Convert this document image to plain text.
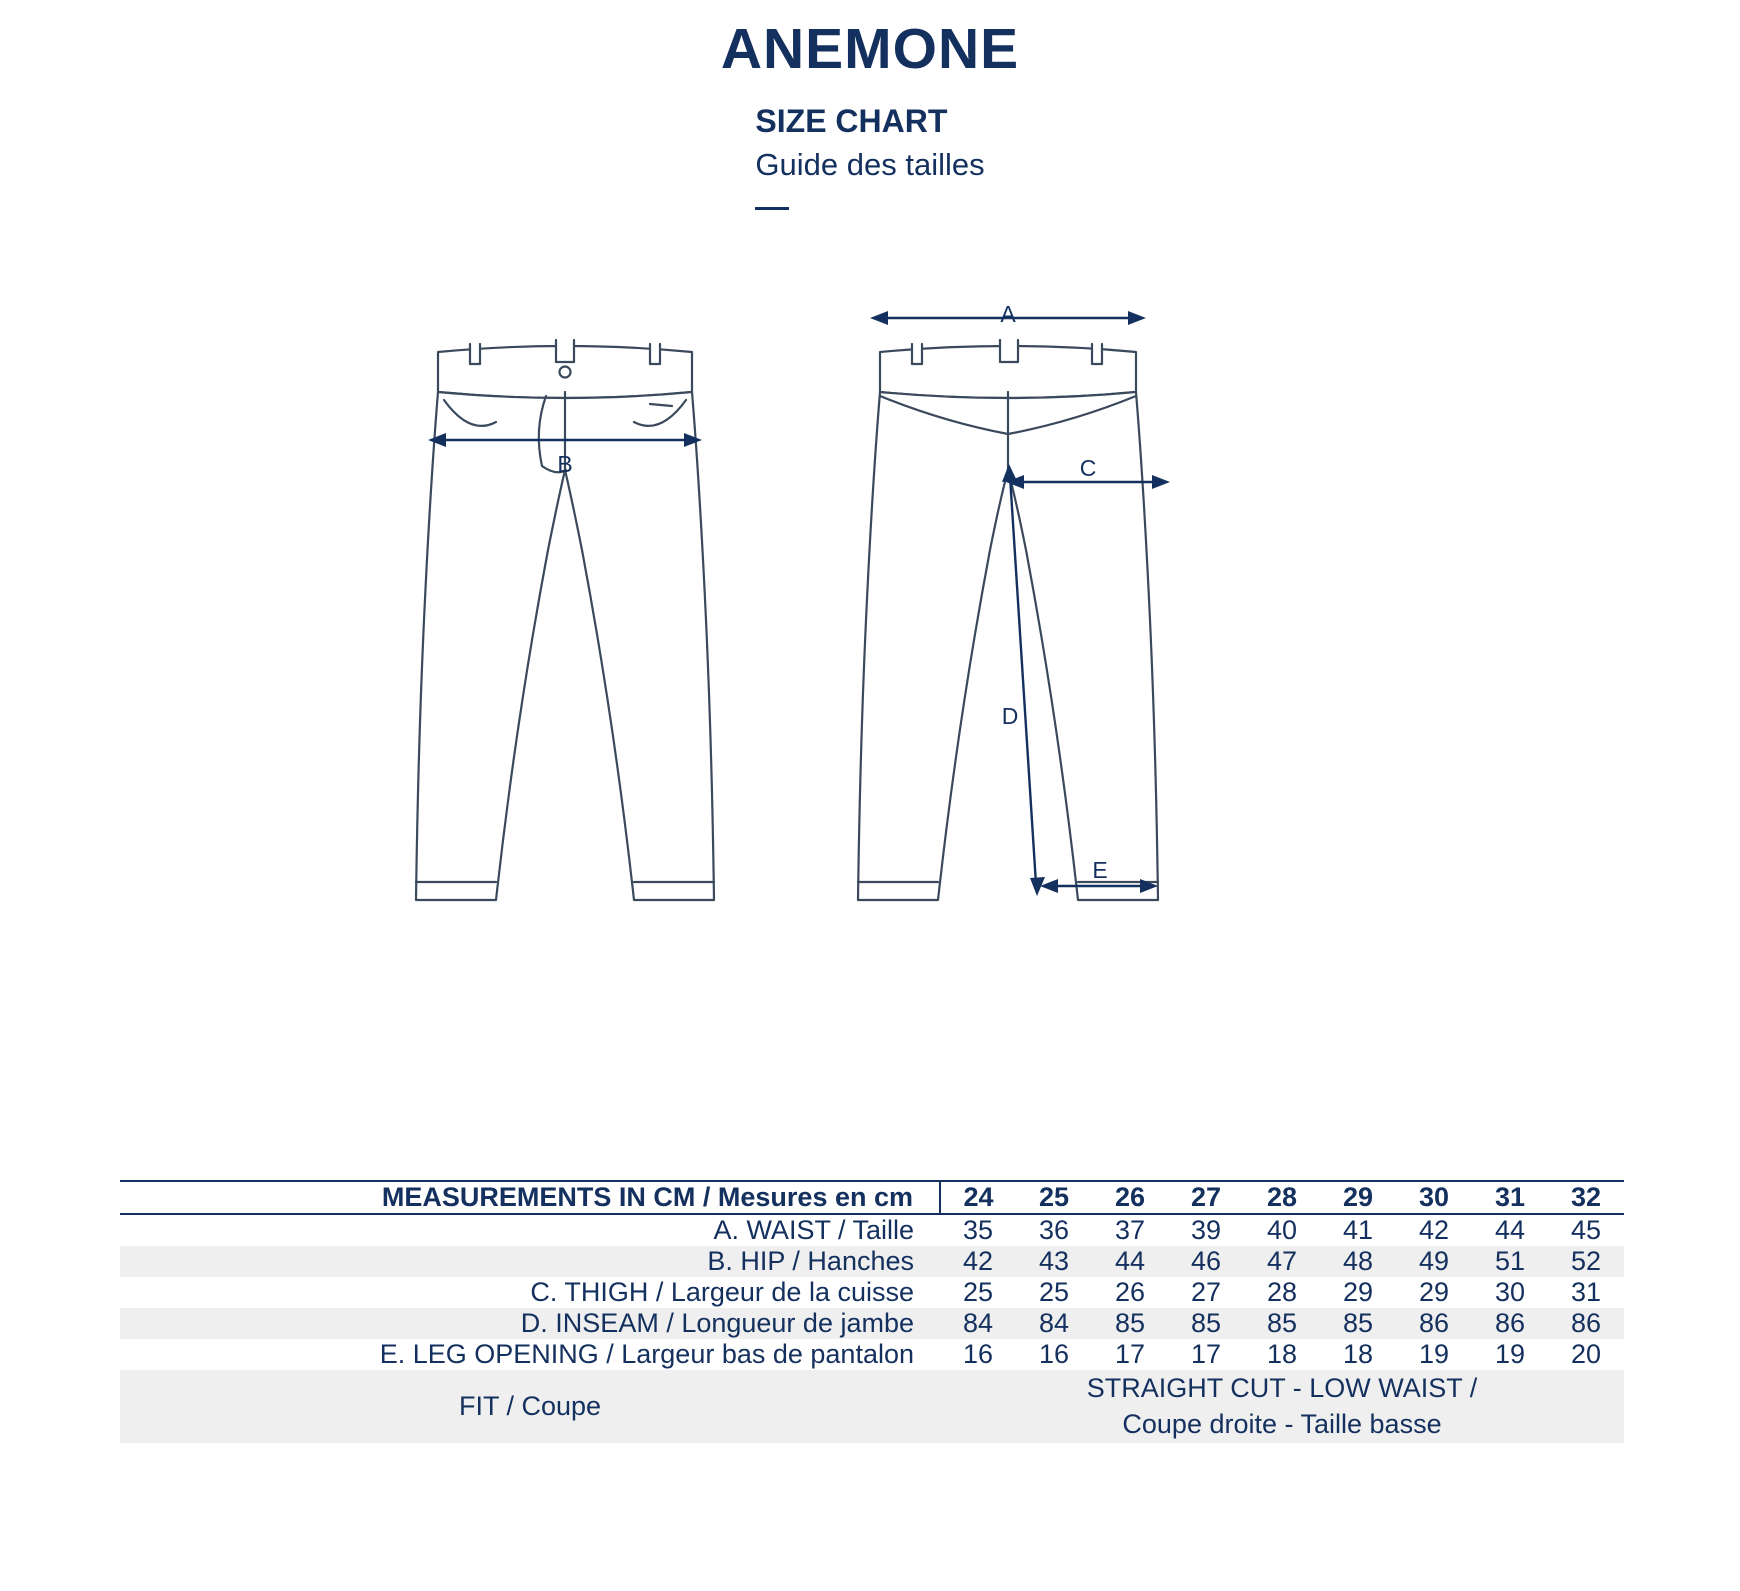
ANEMONE
SIZE CHART
Guide des tailles
B
A
C
D
E
MEASUREMENTS IN CM / Mesures en cm	24	25	26	27	28	29	30	31	32
A. WAIST / Taille	35	36	37	39	40	41	42	44	45
B. HIP / Hanches	42	43	44	46	47	48	49	51	52
C. THIGH / Largeur de la cuisse	25	25	26	27	28	29	29	30	31
D. INSEAM / Longueur de jambe	84	84	85	85	85	85	86	86	86
E. LEG OPENING / Largeur bas de pantalon	16	16	17	17	18	18	19	19	20
FIT / Coupe	STRAIGHT CUT - LOW WAIST /
Coupe droite - Taille basse								
